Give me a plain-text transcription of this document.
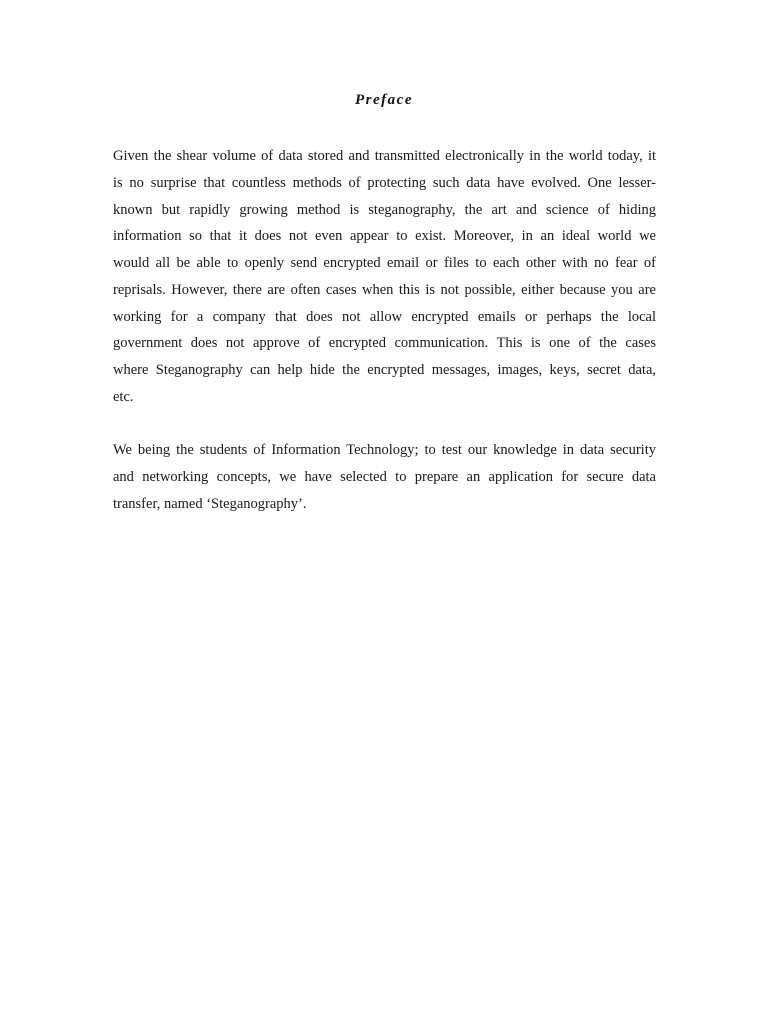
Preface
Given the shear volume of data stored and transmitted electronically in the world today, it
is no surprise that countless methods of protecting such data have evolved. One lesser-
known but rapidly growing method is steganography, the art and science of hiding
information so that it does not even appear to exist. Moreover, in an ideal world we
would all be able to openly send encrypted email or files to each other with no fear of
reprisals. However, there are often cases when this is not possible, either because you are
working for a company that does not allow encrypted emails or perhaps the local
government does not approve of encrypted communication. This is one of the cases
where Steganography can help hide the encrypted messages, images, keys, secret data,
etc.
We being the students of Information Technology; to test our knowledge in data security
and networking concepts, we have selected to prepare an application for secure data
transfer, named ‘Steganography’.
